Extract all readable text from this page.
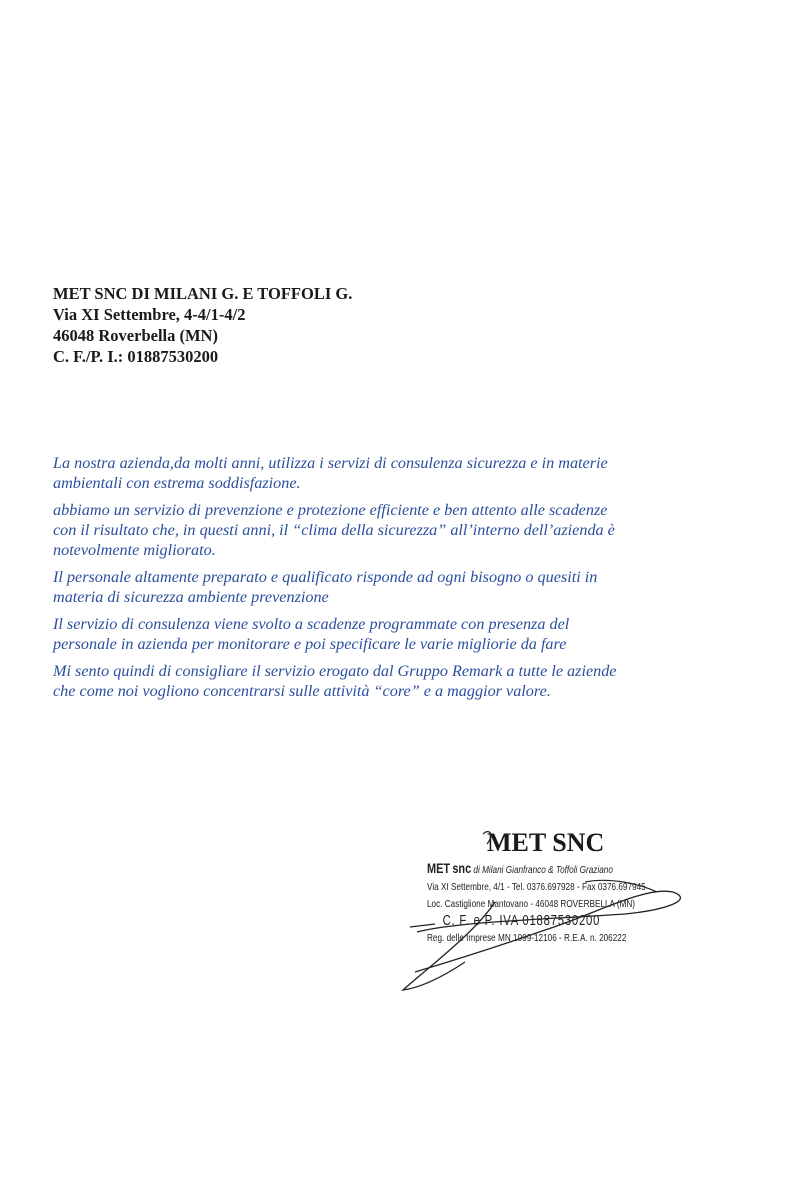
MET SNC DI MILANI G. E TOFFOLI G.
Via XI Settembre, 4-4/1-4/2
46048 Roverbella (MN)
C. F./P. I.: 01887530200

La nostra azienda,da molti anni, utilizza i servizi di consulenza sicurezza e in materie
ambientali con estrema soddisfazione.

abbiamo un servizio di prevenzione e protezione efficiente e ben attento alle scadenze
con il risultato che, in questi anni, il “clima della sicurezza” all’interno dell’azienda è
notevolmente migliorato.

Il personale altamente preparato e qualificato risponde ad ogni bisogno o quesiti in
materia di sicurezza ambiente prevenzione

Il servizio di consulenza viene svolto a scadenze programmate con presenza del
personale in azienda per monitorare e poi specificare le varie migliorie da fare

Mi sento quindi di consigliare il servizio erogato dal Gruppo Remark a tutte le aziende
che come noi vogliono concentrarsi sulle attività “core” e a maggior valore.

MET SNC
MET snc di Milani Gianfranco & Toffoli Graziano
Via XI Settembre, 4/1 - Tel. 0376.697928 - Fax 0376.697945
Loc. Castiglione Mantovano - 46048 ROVERBELLA (MN)
C. F. e P. IVA 01887530200
Reg. delle Imprese MN 1999-12106 - R.E.A. n. 206222
